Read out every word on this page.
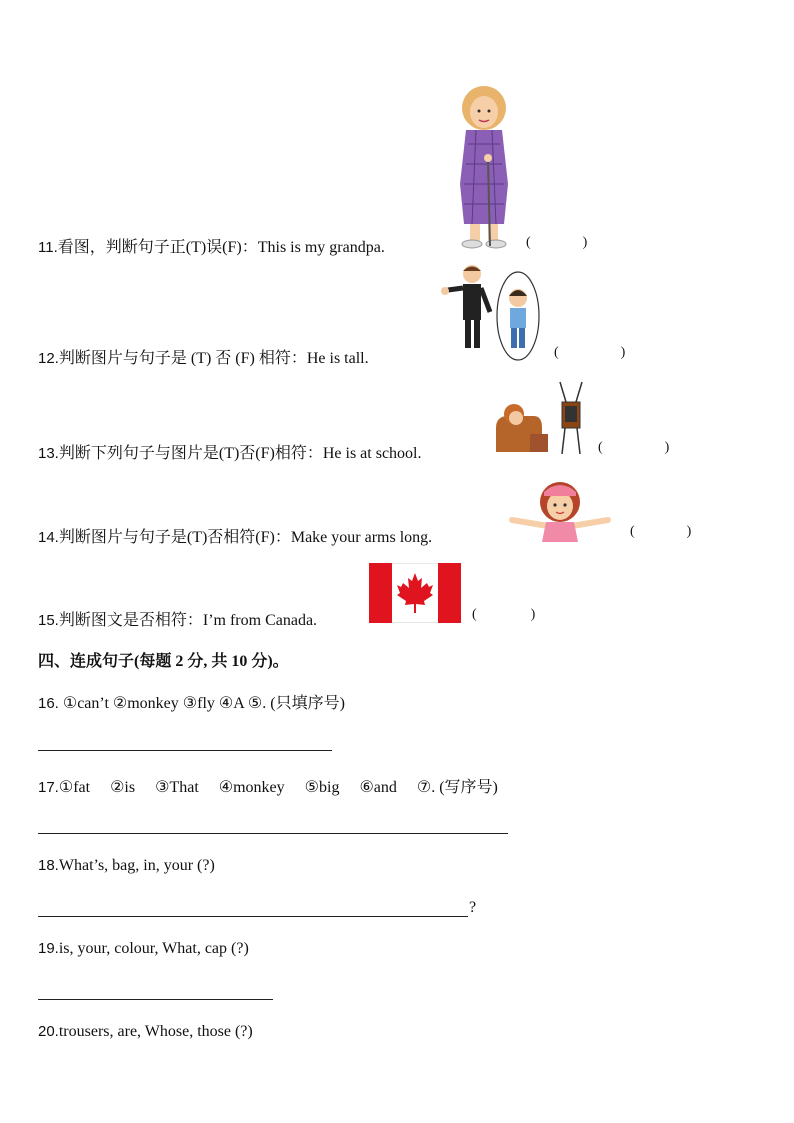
11.看图，判断句子正(T)误(F)：This is my grandpa.	(	)
12.判断图片与句子是 (T) 否 (F) 相符：He is tall.	(	)
13.判断下列句子与图片是(T)否(F)相符：He is at school.	(	)
14.判断图片与句子是(T)否相符(F)：Make your arms long.	(	)
15.判断图文是否相符：I’m from Canada.	(	)
四、连成句子(每题 2 分, 共 10 分)。
16. ①can’t ②monkey ③fly ④A ⑤. (只填序号)
17.①fat     ②is     ③That     ④monkey     ⑤big     ⑥and     ⑦. (写序号)
18.What’s, bag, in, your (?)
?
19.is, your, colour, What, cap (?)
20.trousers, are, Whose, those (?)
